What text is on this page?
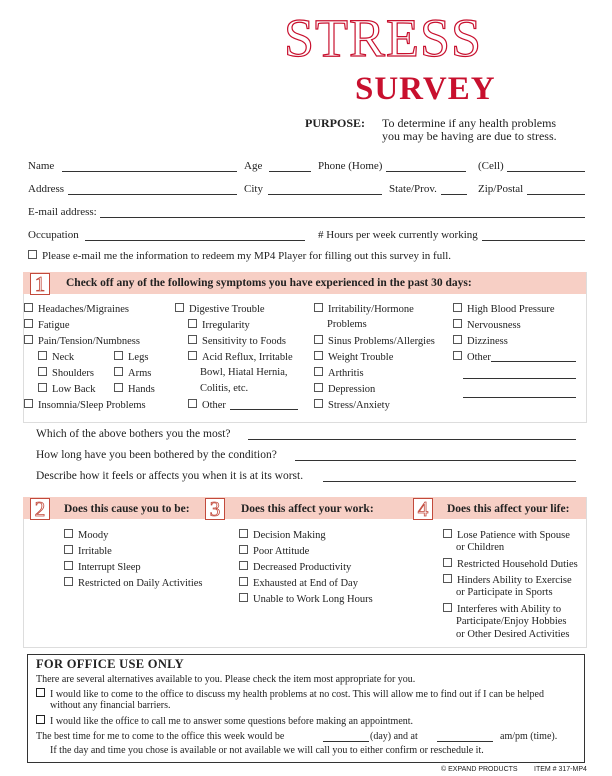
STRESS
SURVEY
PURPOSE: To determine if any health problems
you may be having are due to stress.
Name	Age	Phone (Home)	(Cell)
Address	City	State/Prov.	Zip/Postal
E-mail address:
Occupation	# Hours per week currently working
Please e-mail me the information to redeem my MP4 Player for filling out this survey in full.
1	Check off any of the following symptoms you have experienced in the past 30 days:
Headaches/Migraines
Fatigue
Pain/Tension/Numbness
Neck	Legs
Shoulders	Arms
Low Back	Hands
Insomnia/Sleep Problems
Digestive Trouble
Irregularity
Sensitivity to Foods
Acid Reflux, Irritable
Bowl, Hiatal Hernia,
Colitis, etc.
Other
Irritability/Hormone
Problems
Sinus Problems/Allergies
Weight Trouble
Arthritis
Depression
Stress/Anxiety
High Blood Pressure
Nervousness
Dizziness
Other
Which of the above bothers you the most?
How long have you been bothered by the condition?
Describe how it feels or affects you when it is at its worst.
2	Does this cause you to be: 3	Does this affect your work: 4	Does this affect your life:
Moody
Irritable
Interrupt Sleep
Restricted on Daily Activities
Decision Making
Poor Attitude
Decreased Productivity
Exhausted at End of Day
Unable to Work Long Hours
Lose Patience with Spouse
or Children
Restricted Household Duties
Hinders Ability to Exercise
or Participate in Sports
Interferes with Ability to
Participate/Enjoy Hobbies
or Other Desired Activities
FOR OFFICE USE ONLY
There are several alternatives available to you. Please check the item most appropriate for you.
I would like to come to the office to discuss my health problems at no cost. This will allow me to find out if I can be helped
without any financial barriers.
I would like the office to call me to answer some questions before making an appointment.
The best time for me to come to the office this week would be	(day) and at	am/pm (time).
If the day and time you chose is available or not available we will call you to either confirm or reschedule it.
© EXPAND PRODUCTS ITEM # 317-MP4
